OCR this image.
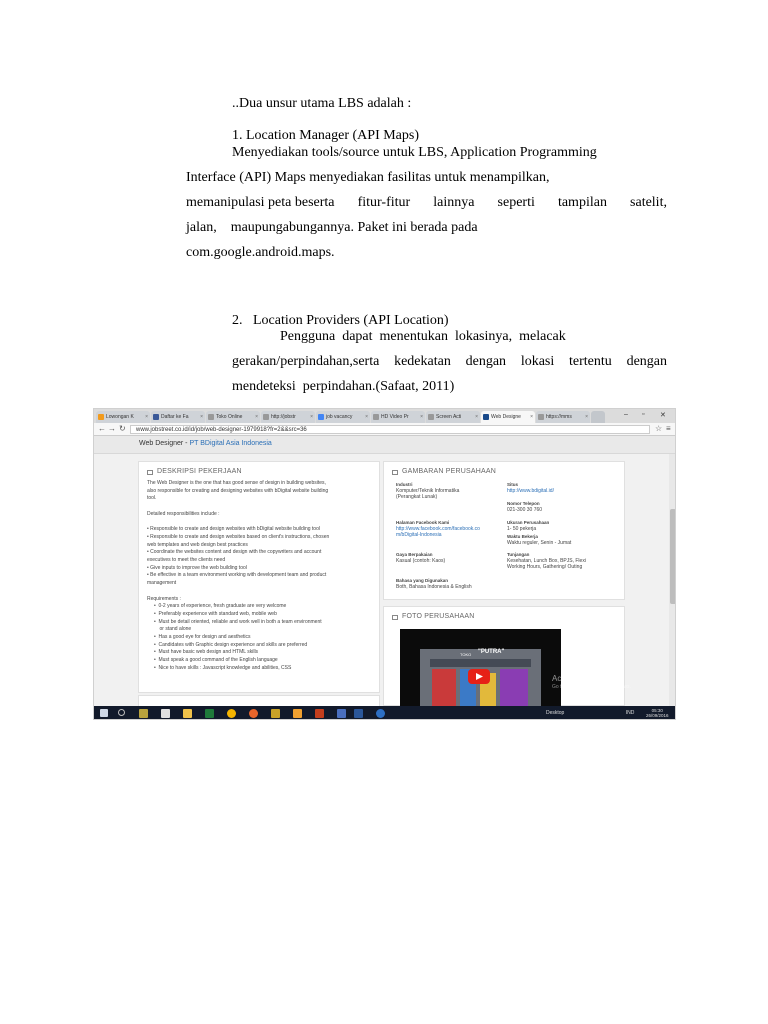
..Dua unsur utama LBS adalah :
1. Location Manager (API Maps)
Menyediakan tools/source untuk LBS, Application Programming
Interface (API) Maps menyediakan fasilitas untuk menampilkan,
memanipulasi peta beserta fitur-fitur lainnya seperti tampilan satelit,
jalan,    maupungabungannya. Paket ini berada pada
com.google.android.maps.
2.   Location Providers (API Location)
Pengguna  dapat  menentukan  lokasinya,  melacak
gerakan/perpindahan,serta kedekatan dengan lokasi tertentu dengan
mendeteksi  perpindahan.(Safaat, 2011)
Lowongan K ×	Daftar ke Fa ×	Toko Online	×	http://jobstr	×	job vacancy	×	HD Video Pr ×	Screen Acti	×	Web Designe ×	https://mms	×	– ▫ ✕
← → ↻	www.jobstreet.co.id/id/job/web-designer-1979918?fr=2&&src=36	☆ ≡
Web Designer - PT BDigital Asia Indonesia
DESKRIPSI PEKERJAAN
The Web Designer is the one that has good sense of design in building websites,
also responsible for creating and designing websites with bDigital website building
tool.
Detailed responsibilities include :
• Responsible to create and design websites with bDigital website building tool
• Responsible to create and design websites based on client's instructions, chosen
web templates and web design best practices
• Coordinate the websites content and design with the copywriters and account
executives to meet the clients need
• Give inputs to improve the web building tool
• Be effective in a team environment working with development team and product
management
Requirements :
•  0-2 years of experience, fresh graduate are very welcome
•  Preferably experience with standard web, mobile web
•  Must be detail oriented, reliable and work well in both a team environment
or stand alone
•  Has a good eye for design and aesthetics
•  Candidates with Graphic design experience and skills are preferred
•  Must have basic web design and HTML skills
•  Must speak a good command of the English language
•  Nice to have skills : Javascript knowledge and abilities, CSS
GAMBARAN PERUSAHAAN
Industri
Komputer/Teknik Informatika
(Perangkat Lunak)
Situs
http://www.bdigital.id/
Nomor Telepon
021-300 30 760
Halaman Facebook Kami
http://www.facebook.com/facebook.co
m/bDigital-Indonesia
Ukuran Perusahaan
1- 50 pekerja
Waktu Bekerja
Waktu reguler, Senin - Jumat
Gaya Berpakaian
Kasual (contoh: Kaos)
Tunjangan
Kesehatan, Lunch Box, BPJS, Flexi
Working Hours, Gathering/ Outing
Bahasa yang Digunakan
Both, Bahasa Indonesia & English
FOTO PERUSAHAAN
TOKO "PUTRA"
Activate Windows
Go to Settings to activate Windows.
Desktop	IND	05:30
26/09/2016
